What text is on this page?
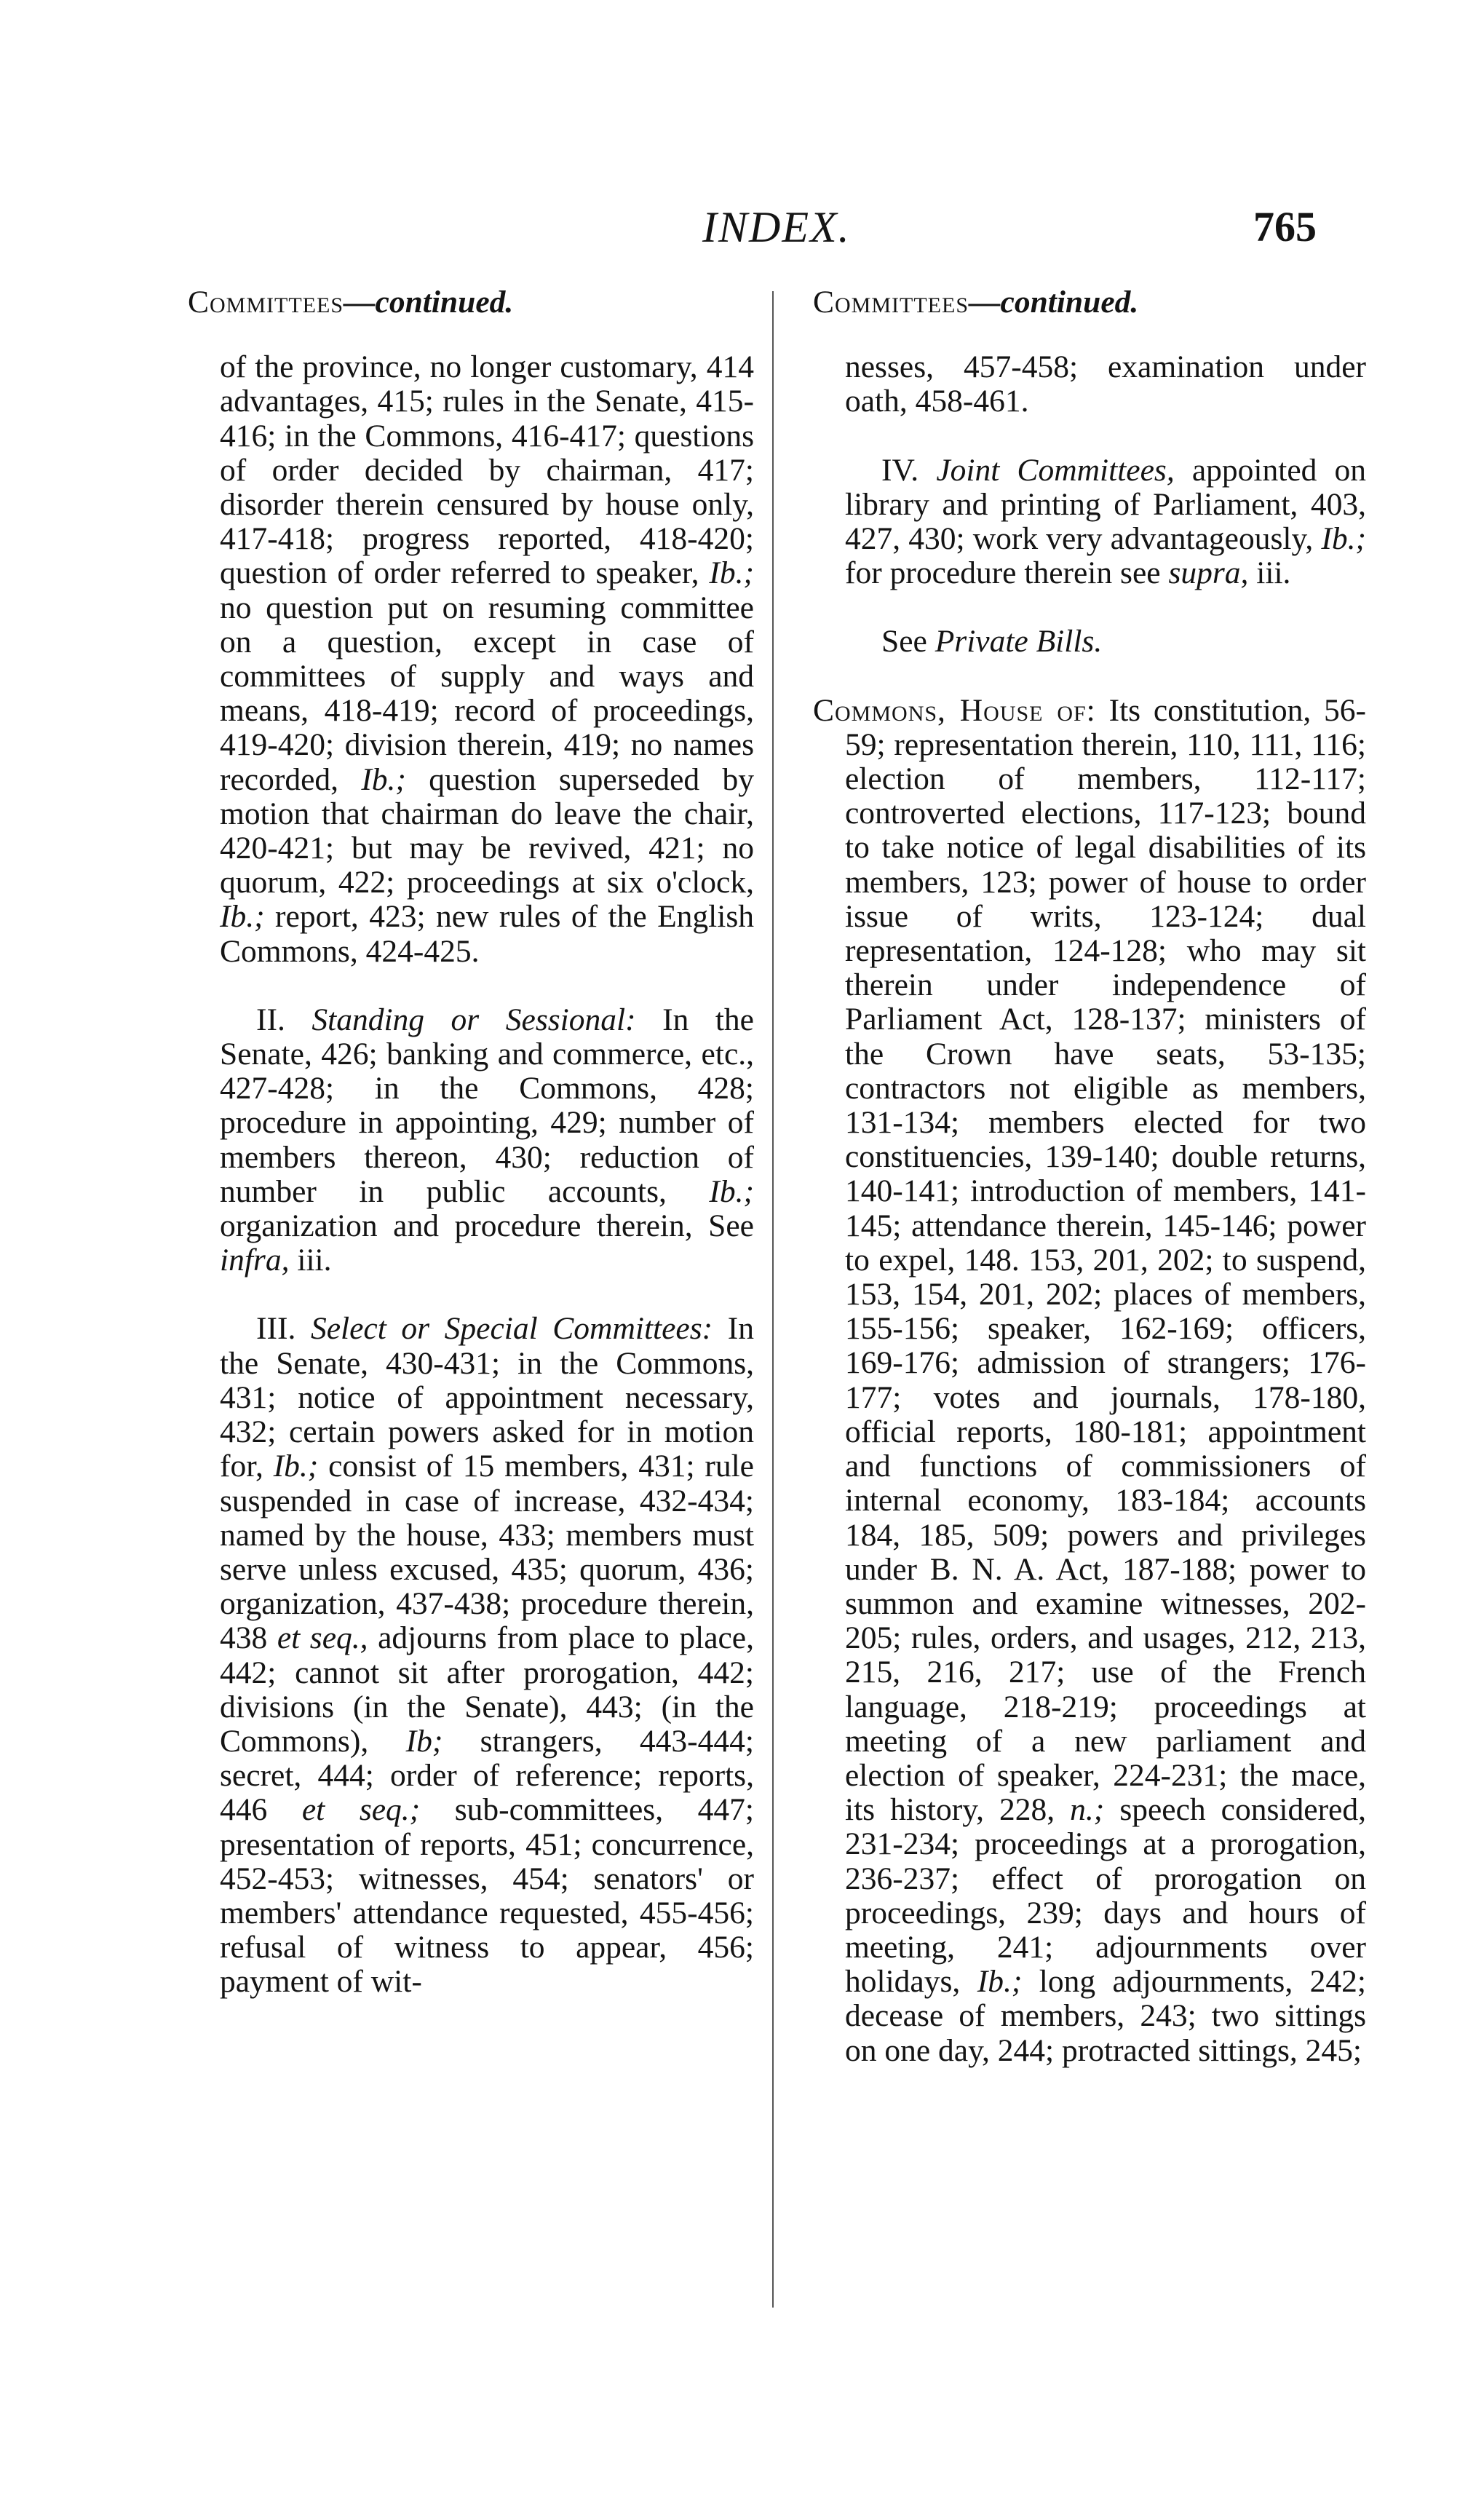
INDEX.	765

Committees—continued.

of the province, no longer customary, 414 advantages, 415; rules in the Senate, 415-416; in the Commons, 416-417; questions of order decided by chairman, 417; disorder therein censured by house only, 417-418; progress reported, 418-420; question of order referred to speaker, Ib.; no question put on resuming committee on a question, except in case of committees of supply and ways and means, 418-419; record of proceedings, 419-420; division therein, 419; no names recorded, Ib.; question superseded by motion that chairman do leave the chair, 420-421; but may be revived, 421; no quorum, 422; proceedings at six o'clock, Ib.; report, 423; new rules of the English Commons, 424-425.

II. Standing or Sessional: In the Senate, 426; banking and commerce, etc., 427-428; in the Commons, 428; procedure in appointing, 429; number of members thereon, 430; reduction of number in public accounts, Ib.; organization and procedure therein, See infra, iii.

III. Select or Special Committees: In the Senate, 430-431; in the Commons, 431; notice of appointment necessary, 432; certain powers asked for in motion for, Ib.; consist of 15 members, 431; rule suspended in case of increase, 432-434; named by the house, 433; members must serve unless excused, 435; quorum, 436; organization, 437-438; procedure therein, 438 et seq., adjourns from place to place, 442; cannot sit after prorogation, 442; divisions (in the Senate), 443; (in the Commons), Ib; strangers, 443-444; secret, 444; order of reference; reports, 446 et seq.; sub-committees, 447; presentation of reports, 451; concurrence, 452-453; witnesses, 454; senators' or members' attendance requested, 455-456; refusal of witness to appear, 456; payment of wit-

Committees—continued.

nesses, 457-458; examination under oath, 458-461.

IV. Joint Committees, appointed on library and printing of Parliament, 403, 427, 430; work very advantageously, Ib.; for procedure therein see supra, iii.

See Private Bills.

Commons, House of: Its constitution, 56-59; representation therein, 110, 111, 116; election of members, 112-117; controverted elections, 117-123; bound to take notice of legal disabilities of its members, 123; power of house to order issue of writs, 123-124; dual representation, 124-128; who may sit therein under independence of Parliament Act, 128-137; ministers of the Crown have seats, 53-135; contractors not eligible as members, 131-134; members elected for two constituencies, 139-140; double returns, 140-141; introduction of members, 141-145; attendance therein, 145-146; power to expel, 148. 153, 201, 202; to suspend, 153, 154, 201, 202; places of members, 155-156; speaker, 162-169; officers, 169-176; admission of strangers; 176-177; votes and journals, 178-180, official reports, 180-181; appointment and functions of commissioners of internal economy, 183-184; accounts 184, 185, 509; powers and privileges under B. N. A. Act, 187-188; power to summon and examine witnesses, 202-205; rules, orders, and usages, 212, 213, 215, 216, 217; use of the French language, 218-219; proceedings at meeting of a new parliament and election of speaker, 224-231; the mace, its history, 228, n.; speech considered, 231-234; proceedings at a prorogation, 236-237; effect of prorogation on proceedings, 239; days and hours of meeting, 241; adjournments over holidays, Ib.; long adjournments, 242; decease of members, 243; two sittings on one day, 244; protracted sittings, 245;
